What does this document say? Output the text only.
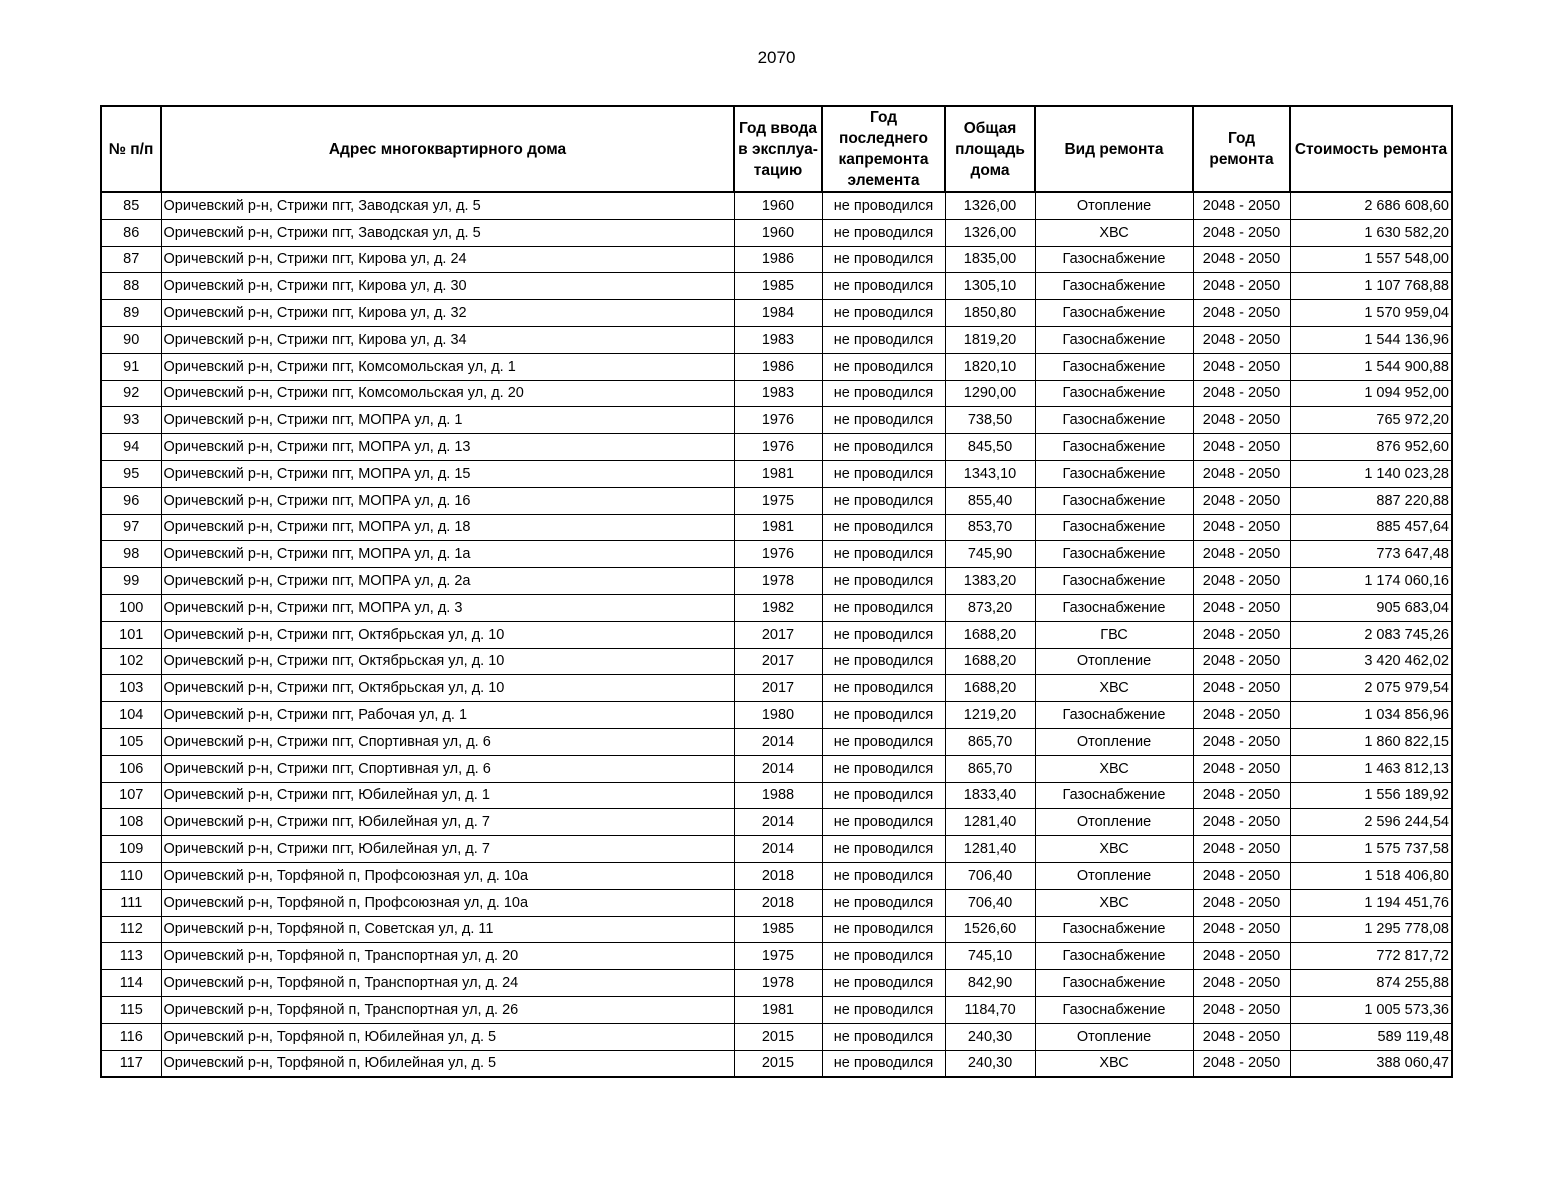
2070
№ п/п	Адрес многоквартирного дома	Год ввода в эксплуа-тацию	Год последнего капремонта элемента	Общая площадь дома	Вид ремонта	Год ремонта	Стоимость ремонта
85	Оричевский р-н, Стрижи пгт, Заводская ул, д. 5	1960	не проводился	1326,00	Отопление	2048 - 2050	2 686 608,60
86	Оричевский р-н, Стрижи пгт, Заводская ул, д. 5	1960	не проводился	1326,00	ХВС	2048 - 2050	1 630 582,20
87	Оричевский р-н, Стрижи пгт, Кирова ул, д. 24	1986	не проводился	1835,00	Газоснабжение	2048 - 2050	1 557 548,00
88	Оричевский р-н, Стрижи пгт, Кирова ул, д. 30	1985	не проводился	1305,10	Газоснабжение	2048 - 2050	1 107 768,88
89	Оричевский р-н, Стрижи пгт, Кирова ул, д. 32	1984	не проводился	1850,80	Газоснабжение	2048 - 2050	1 570 959,04
90	Оричевский р-н, Стрижи пгт, Кирова ул, д. 34	1983	не проводился	1819,20	Газоснабжение	2048 - 2050	1 544 136,96
91	Оричевский р-н, Стрижи пгт, Комсомольская ул, д. 1	1986	не проводился	1820,10	Газоснабжение	2048 - 2050	1 544 900,88
92	Оричевский р-н, Стрижи пгт, Комсомольская ул, д. 20	1983	не проводился	1290,00	Газоснабжение	2048 - 2050	1 094 952,00
93	Оричевский р-н, Стрижи пгт, МОПРА ул, д. 1	1976	не проводился	738,50	Газоснабжение	2048 - 2050	765 972,20
94	Оричевский р-н, Стрижи пгт, МОПРА ул, д. 13	1976	не проводился	845,50	Газоснабжение	2048 - 2050	876 952,60
95	Оричевский р-н, Стрижи пгт, МОПРА ул, д. 15	1981	не проводился	1343,10	Газоснабжение	2048 - 2050	1 140 023,28
96	Оричевский р-н, Стрижи пгт, МОПРА ул, д. 16	1975	не проводился	855,40	Газоснабжение	2048 - 2050	887 220,88
97	Оричевский р-н, Стрижи пгт, МОПРА ул, д. 18	1981	не проводился	853,70	Газоснабжение	2048 - 2050	885 457,64
98	Оричевский р-н, Стрижи пгт, МОПРА ул, д. 1а	1976	не проводился	745,90	Газоснабжение	2048 - 2050	773 647,48
99	Оричевский р-н, Стрижи пгт, МОПРА ул, д. 2а	1978	не проводился	1383,20	Газоснабжение	2048 - 2050	1 174 060,16
100	Оричевский р-н, Стрижи пгт, МОПРА ул, д. 3	1982	не проводился	873,20	Газоснабжение	2048 - 2050	905 683,04
101	Оричевский р-н, Стрижи пгт, Октябрьская ул, д. 10	2017	не проводился	1688,20	ГВС	2048 - 2050	2 083 745,26
102	Оричевский р-н, Стрижи пгт, Октябрьская ул, д. 10	2017	не проводился	1688,20	Отопление	2048 - 2050	3 420 462,02
103	Оричевский р-н, Стрижи пгт, Октябрьская ул, д. 10	2017	не проводился	1688,20	ХВС	2048 - 2050	2 075 979,54
104	Оричевский р-н, Стрижи пгт, Рабочая ул, д. 1	1980	не проводился	1219,20	Газоснабжение	2048 - 2050	1 034 856,96
105	Оричевский р-н, Стрижи пгт, Спортивная ул, д. 6	2014	не проводился	865,70	Отопление	2048 - 2050	1 860 822,15
106	Оричевский р-н, Стрижи пгт, Спортивная ул, д. 6	2014	не проводился	865,70	ХВС	2048 - 2050	1 463 812,13
107	Оричевский р-н, Стрижи пгт, Юбилейная ул, д. 1	1988	не проводился	1833,40	Газоснабжение	2048 - 2050	1 556 189,92
108	Оричевский р-н, Стрижи пгт, Юбилейная ул, д. 7	2014	не проводился	1281,40	Отопление	2048 - 2050	2 596 244,54
109	Оричевский р-н, Стрижи пгт, Юбилейная ул, д. 7	2014	не проводился	1281,40	ХВС	2048 - 2050	1 575 737,58
110	Оричевский р-н, Торфяной п, Профсоюзная ул, д. 10а	2018	не проводился	706,40	Отопление	2048 - 2050	1 518 406,80
111	Оричевский р-н, Торфяной п, Профсоюзная ул, д. 10а	2018	не проводился	706,40	ХВС	2048 - 2050	1 194 451,76
112	Оричевский р-н, Торфяной п, Советская ул, д. 11	1985	не проводился	1526,60	Газоснабжение	2048 - 2050	1 295 778,08
113	Оричевский р-н, Торфяной п, Транспортная ул, д. 20	1975	не проводился	745,10	Газоснабжение	2048 - 2050	772 817,72
114	Оричевский р-н, Торфяной п, Транспортная ул, д. 24	1978	не проводился	842,90	Газоснабжение	2048 - 2050	874 255,88
115	Оричевский р-н, Торфяной п, Транспортная ул, д. 26	1981	не проводился	1184,70	Газоснабжение	2048 - 2050	1 005 573,36
116	Оричевский р-н, Торфяной п, Юбилейная ул, д. 5	2015	не проводился	240,30	Отопление	2048 - 2050	589 119,48
117	Оричевский р-н, Торфяной п, Юбилейная ул, д. 5	2015	не проводился	240,30	ХВС	2048 - 2050	388 060,47
